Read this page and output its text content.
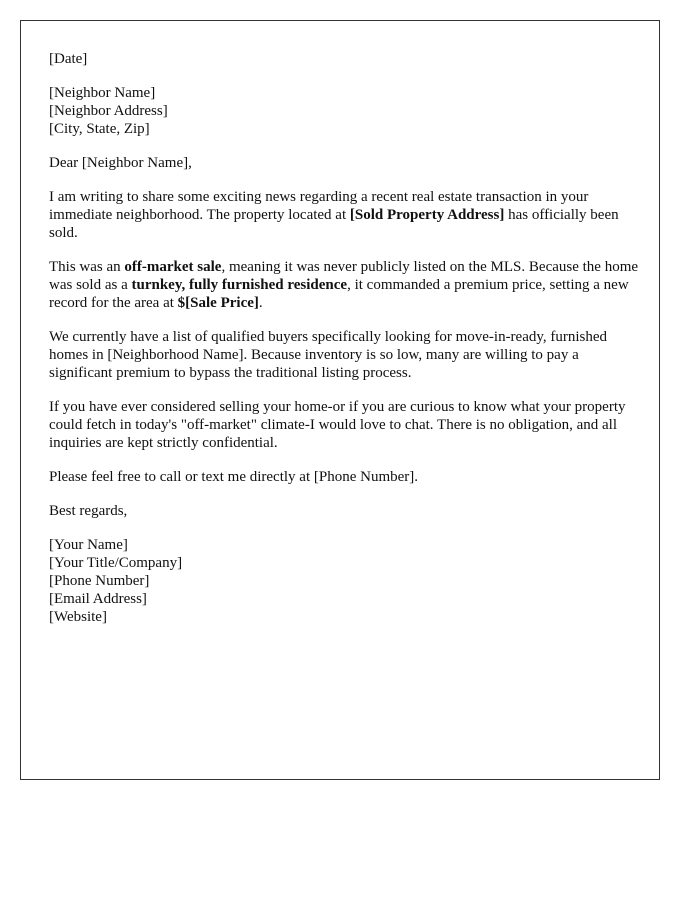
[Date]

[Neighbor Name]
[Neighbor Address]
[City, State, Zip]

Dear [Neighbor Name],

I am writing to share some exciting news regarding a recent real estate transaction in your immediate neighborhood. The property located at [Sold Property Address] has officially been sold.

This was an off-market sale, meaning it was never publicly listed on the MLS. Because the home was sold as a turnkey, fully furnished residence, it commanded a premium price, setting a new record for the area at $[Sale Price].

We currently have a list of qualified buyers specifically looking for move-in-ready, furnished homes in [Neighborhood Name]. Because inventory is so low, many are willing to pay a significant premium to bypass the traditional listing process.

If you have ever considered selling your home-or if you are curious to know what your property could fetch in today's "off-market" climate-I would love to chat. There is no obligation, and all inquiries are kept strictly confidential.

Please feel free to call or text me directly at [Phone Number].

Best regards,

[Your Name]
[Your Title/Company]
[Phone Number]
[Email Address]
[Website]
